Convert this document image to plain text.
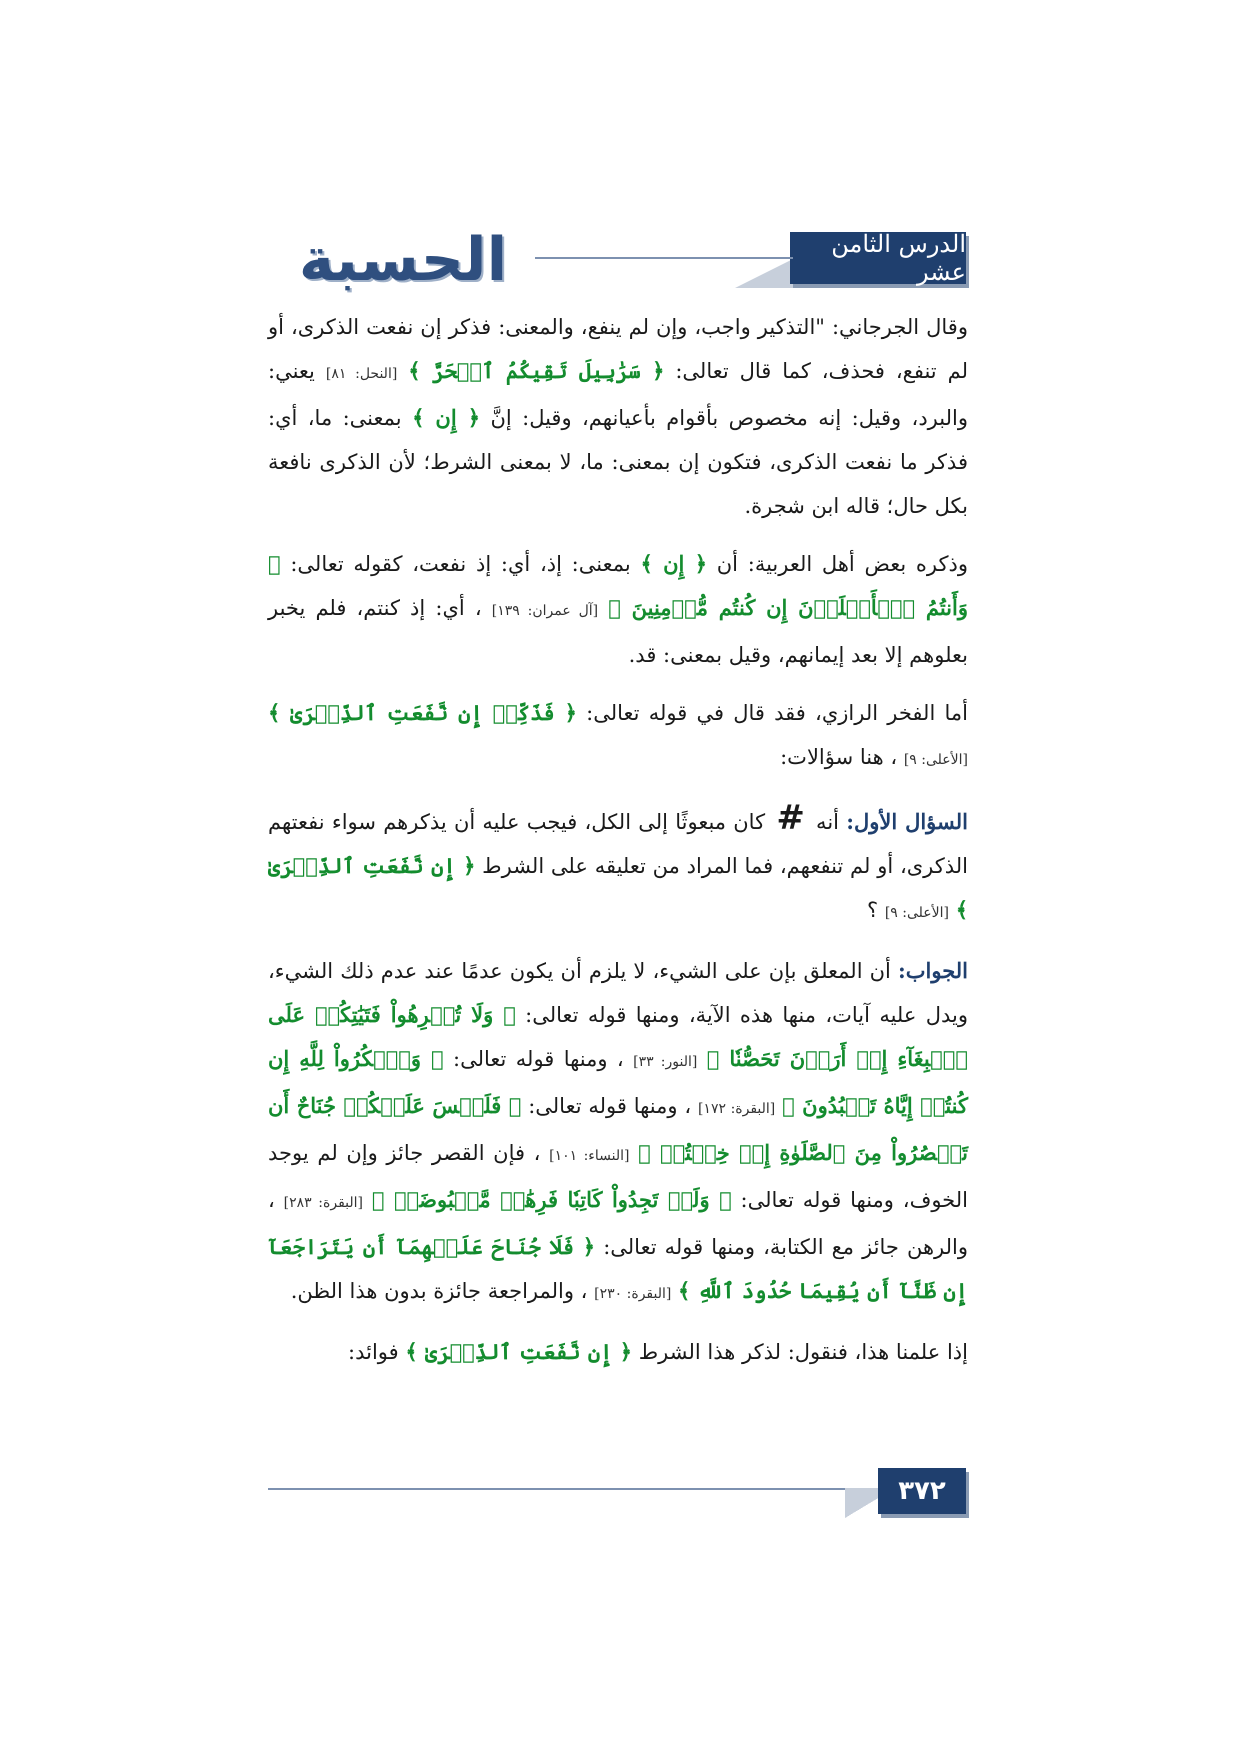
الدرس الثامن عشر
الحسبة

وقال الجرجاني: "التذكير واجب، وإن لم ينفع، والمعنى: فذكر إن نفعت الذكرى، أو لم تنفع، فحذف، كما قال تعالى: ﴿ سَرَٰبِيلَ تَقِيكُمُ ٱلۡحَرَّ ﴾ [النحل: ٨١] يعني: والبرد، وقيل: إنه مخصوص بأقوام بأعيانهم، وقيل: إنَّ ﴿ إِن ﴾ بمعنى: ما، أي: فذكر ما نفعت الذكرى، فتكون إن بمعنى: ما، لا بمعنى الشرط؛ لأن الذكرى نافعة بكل حال؛ قاله ابن شجرة.

وذكره بعض أهل العربية: أن ﴿ إِن ﴾ بمعنى: إذ، أي: إذ نفعت، كقوله تعالى: ﴿ وَأَنتُمُ ٱلۡأَعۡلَوۡنَ إِن كُنتُم مُّؤۡمِنِينَ ﴾ [آل عمران: ١٣٩] ، أي: إذ كنتم، فلم يخبر بعلوهم إلا بعد إيمانهم، وقيل بمعنى: قد.

أما الفخر الرازي، فقد قال في قوله تعالى: ﴿ فَذَكِّرۡ إِن نَّفَعَتِ ٱلذِّكۡرَىٰ ﴾ [الأعلى: ٩] ، هنا سؤالات:

السؤال الأول: أنه # كان مبعوثًا إلى الكل، فيجب عليه أن يذكرهم سواء نفعتهم الذكرى، أو لم تنفعهم، فما المراد من تعليقه على الشرط ﴿ إِن نَّفَعَتِ ٱلذِّكۡرَىٰ ﴾ [الأعلى: ٩] ؟

الجواب: أن المعلق بإن على الشيء، لا يلزم أن يكون عدمًا عند عدم ذلك الشيء، ويدل عليه آيات، منها هذه الآية، ومنها قوله تعالى: ﴿ وَلَا تُكۡرِهُواْ فَتَيَٰتِكُمۡ عَلَى ٱلۡبِغَآءِ إِنۡ أَرَدۡنَ تَحَصُّنٗا ﴾ [النور: ٣٣] ، ومنها قوله تعالى: ﴿ وَٱشۡكُرُواْ لِلَّهِ إِن كُنتُمۡ إِيَّاهُ تَعۡبُدُونَ ﴾ [البقرة: ١٧٢] ، ومنها قوله تعالى: ﴿ فَلَيۡسَ عَلَيۡكُمۡ جُنَاحٌ أَن تَقۡصُرُواْ مِنَ ٱلصَّلَوٰةِ إِنۡ خِفۡتُمۡ ﴾ [النساء: ١٠١] ، فإن القصر جائز وإن لم يوجد الخوف، ومنها قوله تعالى: ﴿ وَلَمۡ تَجِدُواْ كَاتِبٗا فَرِهَٰنٞ مَّقۡبُوضَةٞ ﴾ [البقرة: ٢٨٣] ، والرهن جائز مع الكتابة، ومنها قوله تعالى: ﴿ فَلَا جُنَاحَ عَلَيۡهِمَآ أَن يَتَرَاجَعَآ إِن ظَنَّآ أَن يُقِيمَا حُدُودَ ٱللَّهِ ﴾ [البقرة: ٢٣٠] ، والمراجعة جائزة بدون هذا الظن.

إذا علمنا هذا، فنقول: لذكر هذا الشرط ﴿ إِن نَّفَعَتِ ٱلذِّكۡرَىٰ ﴾ فوائد:

٣٧٢
